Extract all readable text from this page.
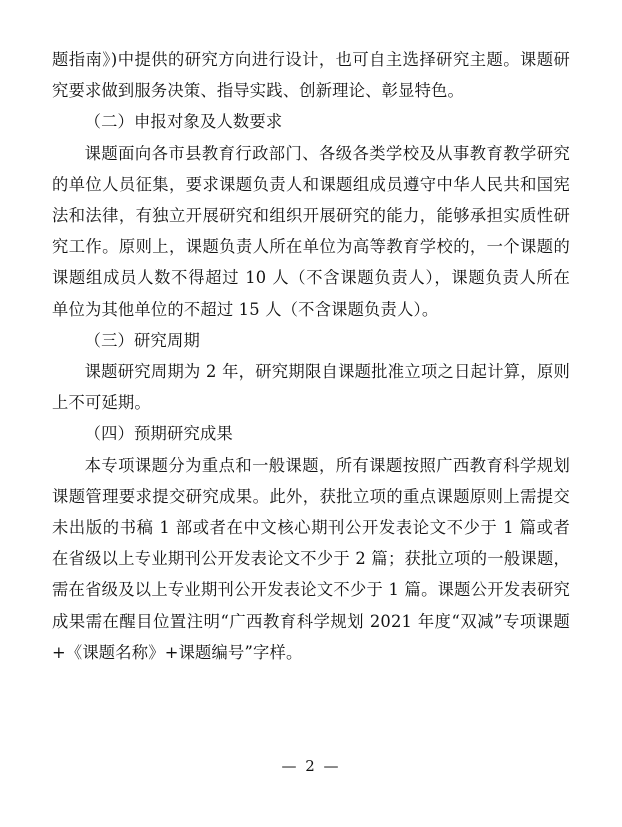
题指南》)中提供的研究方向进行设计，也可自主选择研究主题。课题研究要求做到服务决策、指导实践、创新理论、彰显特色。

（二）申报对象及人数要求

课题面向各市县教育行政部门、各级各类学校及从事教育教学研究的单位人员征集，要求课题负责人和课题组成员遵守中华人民共和国宪法和法律，有独立开展研究和组织开展研究的能力，能够承担实质性研究工作。原则上，课题负责人所在单位为高等教育学校的，一个课题的课题组成员人数不得超过 10 人（不含课题负责人），课题负责人所在单位为其他单位的不超过 15 人（不含课题负责人）。

（三）研究周期

课题研究周期为 2 年，研究期限自课题批准立项之日起计算，原则上不可延期。

（四）预期研究成果

本专项课题分为重点和一般课题，所有课题按照广西教育科学规划课题管理要求提交研究成果。此外，获批立项的重点课题原则上需提交未出版的书稿 1 部或者在中文核心期刊公开发表论文不少于 1 篇或者在省级以上专业期刊公开发表论文不少于 2 篇；获批立项的一般课题，需在省级及以上专业期刊公开发表论文不少于 1 篇。课题公开发表研究成果需在醒目位置注明“广西教育科学规划 2021 年度“双减”专项课题+《课题名称》+课题编号”字样。

— 2 —
